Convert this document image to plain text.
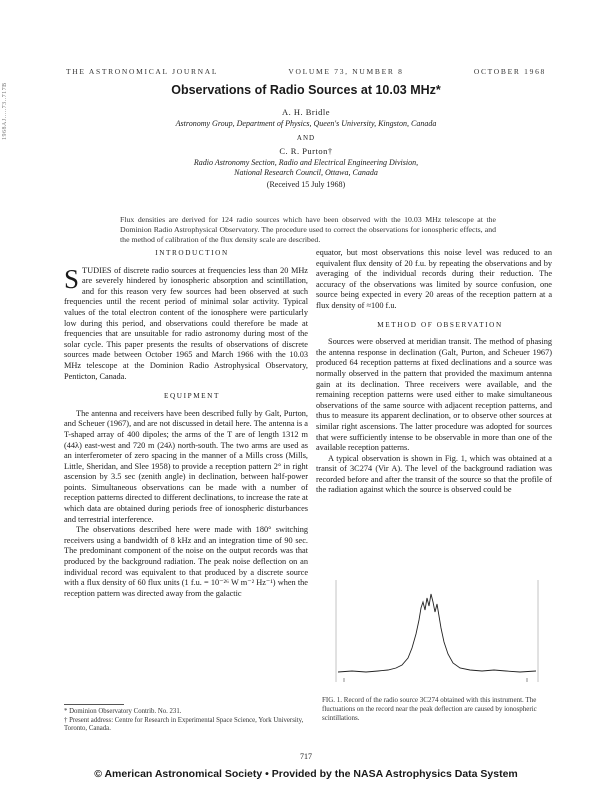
1968AJ.....73..717B
THE ASTRONOMICAL JOURNAL	VOLUME 73, NUMBER 8	OCTOBER 1968
Observations of Radio Sources at 10.03 MHz*
A. H. Bridle
Astronomy Group, Department of Physics, Queen's University, Kingston, Canada
AND
C. R. Purton†
Radio Astronomy Section, Radio and Electrical Engineering Division,
National Research Council, Ottawa, Canada
(Received 15 July 1968)
Flux densities are derived for 124 radio sources which have been observed with the 10.03 MHz telescope at the Dominion Radio Astrophysical Observatory. The procedure used to correct the observations for ionospheric effects, and the method of calibration of the flux density scale are described.

INTRODUCTION

STUDIES of discrete radio sources at frequencies less than 20 MHz are severely hindered by ionospheric absorption and scintillation, and for this reason very few sources had been observed at such frequencies until the recent period of minimal solar activity. Typical values of the total electron content of the ionosphere were particularly low during this period, and observations could therefore be made at frequencies that are unsuitable for radio astronomy during most of the solar cycle. This paper presents the results of observations of discrete sources made between October 1965 and March 1966 with the 10.03 MHz telescope at the Dominion Radio Astrophysical Observatory, Penticton, Canada.

EQUIPMENT

The antenna and receivers have been described fully by Galt, Purton, and Scheuer (1967), and are not discussed in detail here. The antenna is a T-shaped array of 400 dipoles; the arms of the T are of length 1312 m (44λ) east-west and 720 m (24λ) north-south. The two arms are used as an interferometer of zero spacing in the manner of a Mills cross (Mills, Little, Sheridan, and Slee 1958) to provide a reception pattern 2° in right ascension by 3.5 sec (zenith angle) in declination, between half-power points. Simultaneous observations can be made with a number of reception patterns directed to different declinations, to increase the rate at which data are obtained during periods free of ionospheric disturbances and terrestrial interference.

The observations described here were made with 180° switching receivers using a bandwidth of 8 kHz and an integration time of 90 sec. The predominant component of the noise on the output records was that produced by the background radiation. The peak noise deflection on an individual record was equivalent to that produced by a discrete source with a flux density of 60 flux units (1 f.u. = 10⁻²⁶ W m⁻² Hz⁻¹) when the reception pattern was directed away from the galactic

* Dominion Observatory Contrib. No. 231.
† Present address: Centre for Research in Experimental Space Science, York University, Toronto, Canada.

equator, but most observations this noise level was reduced to an equivalent flux density of 20 f.u. by repeating the observations and by averaging of the individual records during their reduction. The accuracy of the observations was limited by source confusion, one source being expected in every 20 areas of the reception pattern at a flux density of ≈100 f.u.

METHOD OF OBSERVATION

Sources were observed at meridian transit. The method of phasing the antenna response in declination (Galt, Purton, and Scheuer 1967) produced 64 reception patterns at fixed declinations and a source was normally observed in the pattern that provided the maximum antenna gain at its declination. Three receivers were available, and the remaining reception patterns were used either to make simultaneous observations of the same source with adjacent reception patterns, and thus to measure its apparent declination, or to observe other sources at similar right ascensions. The latter procedure was adopted for sources that were sufficiently intense to be observable in more than one of the available reception patterns.

A typical observation is shown in Fig. 1, which was obtained at a transit of 3C274 (Vir A). The level of the background radiation was recorded before and after the transit of the source so that the profile of the radiation against which the source is observed could be

FIG. 1. Record of the radio source 3C274 obtained with this instrument. The fluctuations on the record near the peak deflection are caused by ionospheric scintillations.
717
© American Astronomical Society • Provided by the NASA Astrophysics Data System
